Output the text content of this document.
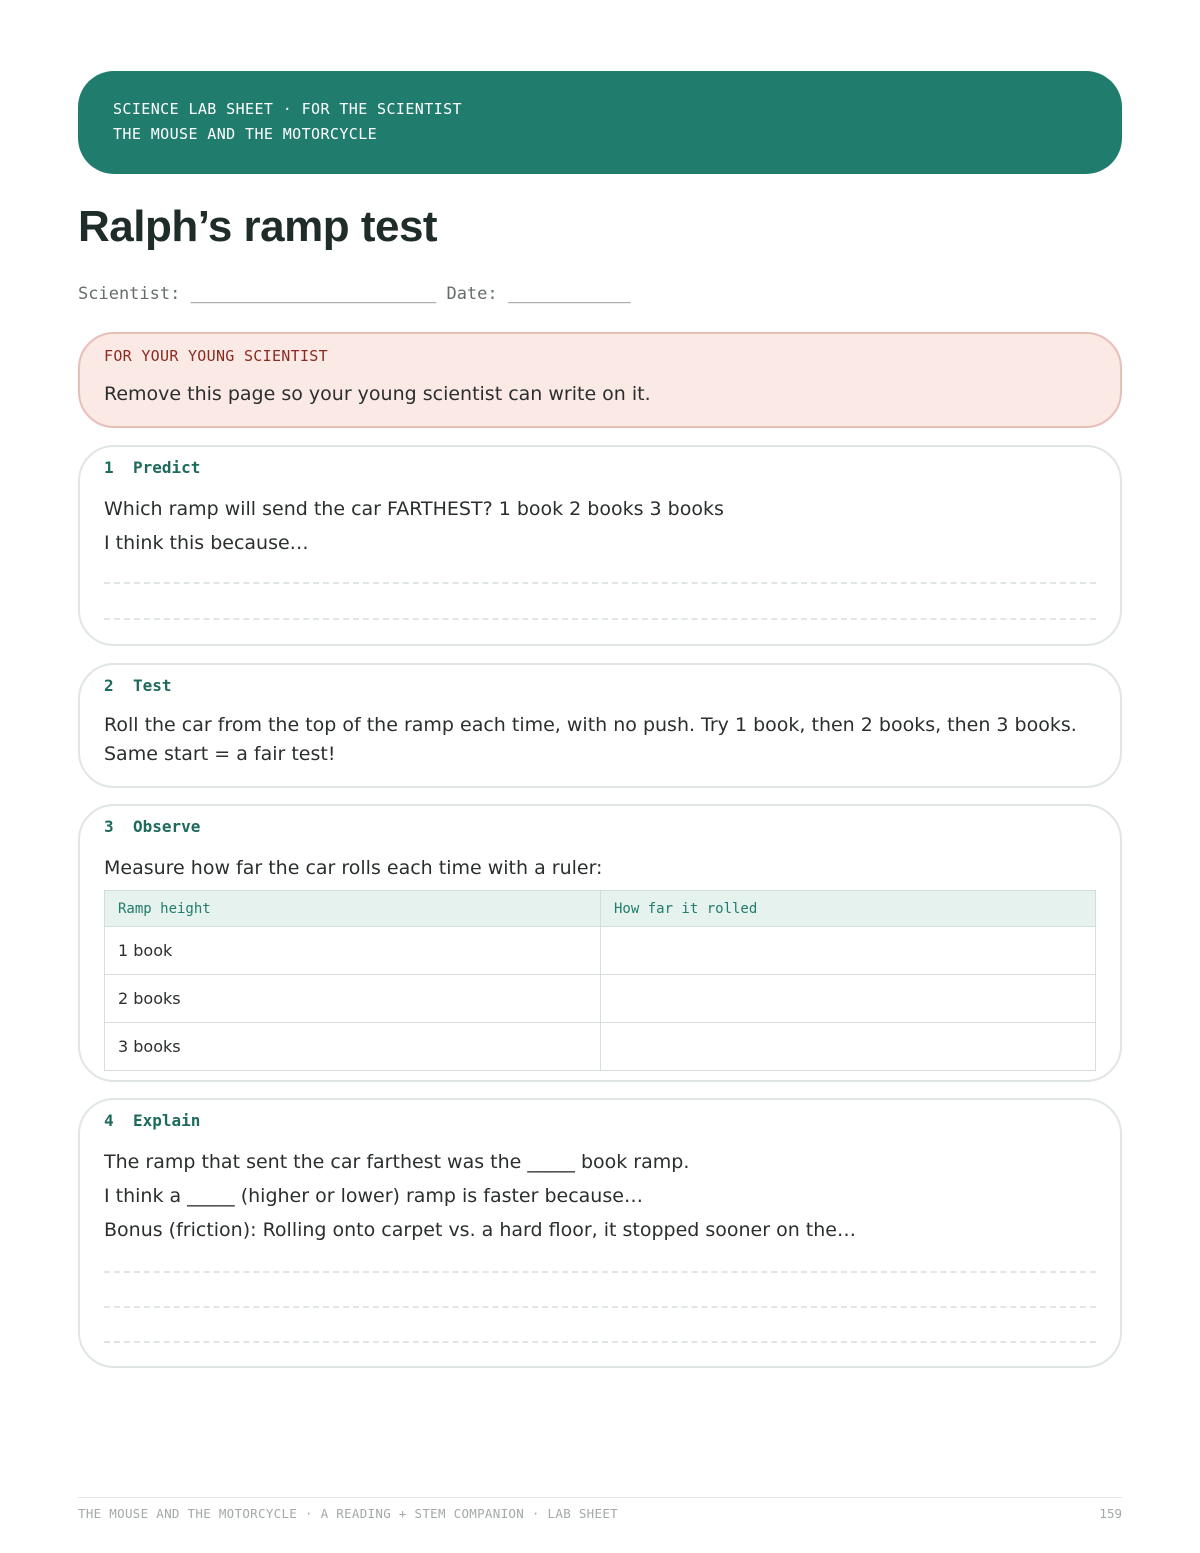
SCIENCE LAB SHEET · FOR THE SCIENTIST
THE MOUSE AND THE MOTORCYCLE
Ralph’s ramp test
Scientist: ________________________ Date: ____________
FOR YOUR YOUNG SCIENTIST
Remove this page so your young scientist can write on it.
1 Predict
Which ramp will send the car FARTHEST? 1 book 2 books 3 books
I think this because…
2 Test
Roll the car from the top of the ramp each time, with no push. Try 1 book, then 2 books, then 3 books.
Same start = a fair test!
3 Observe
Measure how far the car rolls each time with a ruler:
Ramp height	How far it rolled
1 book	
2 books	
3 books	
4 Explain
The ramp that sent the car farthest was the _____ book ramp.
I think a _____ (higher or lower) ramp is faster because…
Bonus (friction): Rolling onto carpet vs. a hard floor, it stopped sooner on the…
THE MOUSE AND THE MOTORCYCLE · A READING + STEM COMPANION · LAB SHEET	159
